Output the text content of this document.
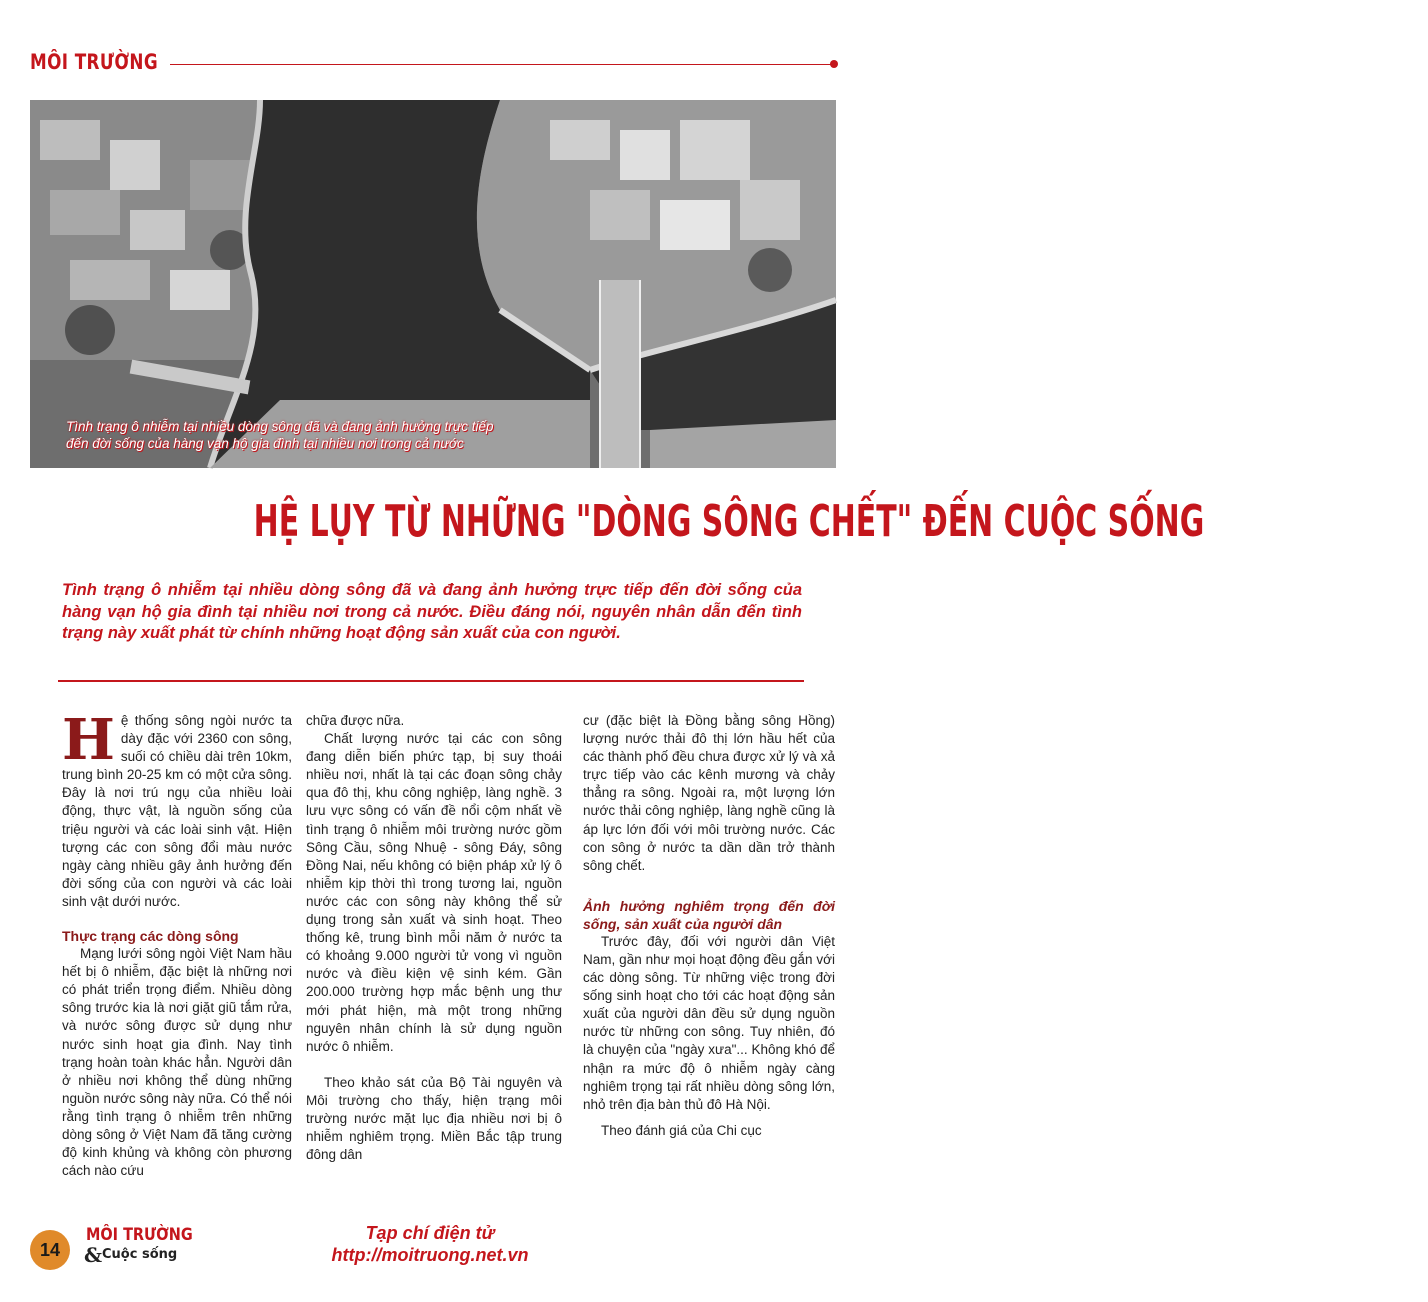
MÔI TRƯỜNG
Tình trạng ô nhiễm tại nhiều dòng sông đã và đang ảnh hưởng trực tiếp
đến đời sống của hàng vạn hộ gia đình tại nhiều nơi trong cả nước
HỆ LỤY TỪ NHỮNG "DÒNG SÔNG CHẾT" ĐẾN CUỘC SỐNG
Tình trạng ô nhiễm tại nhiều dòng sông đã và đang ảnh hưởng trực tiếp đến đời sống của hàng vạn hộ gia đình tại nhiều nơi trong cả nước. Điều đáng nói, nguyên nhân dẫn đến tình trạng này xuất phát từ chính những hoạt động sản xuất của con người.

Hệ thống sông ngòi nước ta dày đặc với 2360 con sông, suối có chiều dài trên 10km, trung bình 20-25 km có một cửa sông. Đây là nơi trú ngụ của nhiều loài động, thực vật, là nguồn sống của triệu người và các loài sinh vật. Hiện tượng các con sông đổi màu nước ngày càng nhiều gây ảnh hưởng đến đời sống của con người và các loài sinh vật dưới nước.

Thực trạng các dòng sông

Mạng lưới sông ngòi Việt Nam hầu hết bị ô nhiễm, đặc biệt là những nơi có phát triển trọng điểm. Nhiều dòng sông trước kia là nơi giặt giũ tắm rửa, và nước sông được sử dụng như nước sinh hoạt gia đình. Nay tình trạng hoàn toàn khác hẳn. Người dân ở nhiều nơi không thể dùng những nguồn nước sông này nữa. Có thể nói rằng tình trạng ô nhiễm trên những dòng sông ở Việt Nam đã tăng cường độ kinh khủng và không còn phương cách nào cứu

chữa được nữa.

Chất lượng nước tại các con sông đang diễn biến phức tạp, bị suy thoái nhiều nơi, nhất là tại các đoạn sông chảy qua đô thị, khu công nghiệp, làng nghề. 3 lưu vực sông có vấn đề nổi cộm nhất về tình trạng ô nhiễm môi trường nước gồm Sông Cầu, sông Nhuệ - sông Đáy, sông Đồng Nai, nếu không có biện pháp xử lý ô nhiễm kịp thời thì trong tương lai, nguồn nước các con sông này không thể sử dụng trong sản xuất và sinh hoạt. Theo thống kê, trung bình mỗi năm ở nước ta có khoảng 9.000 người tử vong vì nguồn nước và điều kiện vệ sinh kém. Gần 200.000 trường hợp mắc bệnh ung thư mới phát hiện, mà một trong những nguyên nhân chính là sử dụng nguồn nước ô nhiễm.

Theo khảo sát của Bộ Tài nguyên và Môi trường cho thấy, hiện trạng môi trường nước mặt lục địa nhiều nơi bị ô nhiễm nghiêm trọng. Miền Bắc tập trung đông dân

cư (đặc biệt là Đồng bằng sông Hồng) lượng nước thải đô thị lớn hầu hết của các thành phố đều chưa được xử lý và xả trực tiếp vào các kênh mương và chảy thẳng ra sông. Ngoài ra, một lượng lớn nước thải công nghiệp, làng nghề cũng là áp lực lớn đối với môi trường nước. Các con sông ở nước ta dần dần trở thành sông chết.

Ảnh hưởng nghiêm trọng đến đời sống, sản xuất của người dân

Trước đây, đối với người dân Việt Nam, gần như mọi hoạt động đều gắn với các dòng sông. Từ những việc trong đời sống sinh hoạt cho tới các hoạt động sản xuất của người dân đều sử dụng nguồn nước từ những con sông. Tuy nhiên, đó là chuyện của "ngày xưa"... Không khó để nhận ra mức độ ô nhiễm ngày càng nghiêm trọng tại rất nhiều dòng sông lớn, nhỏ trên địa bàn thủ đô Hà Nội.

Theo đánh giá của Chi cục

14
MÔI TRƯỜNG
& Cuộc sống
Tạp chí điện tử
http://moitruong.net.vn
